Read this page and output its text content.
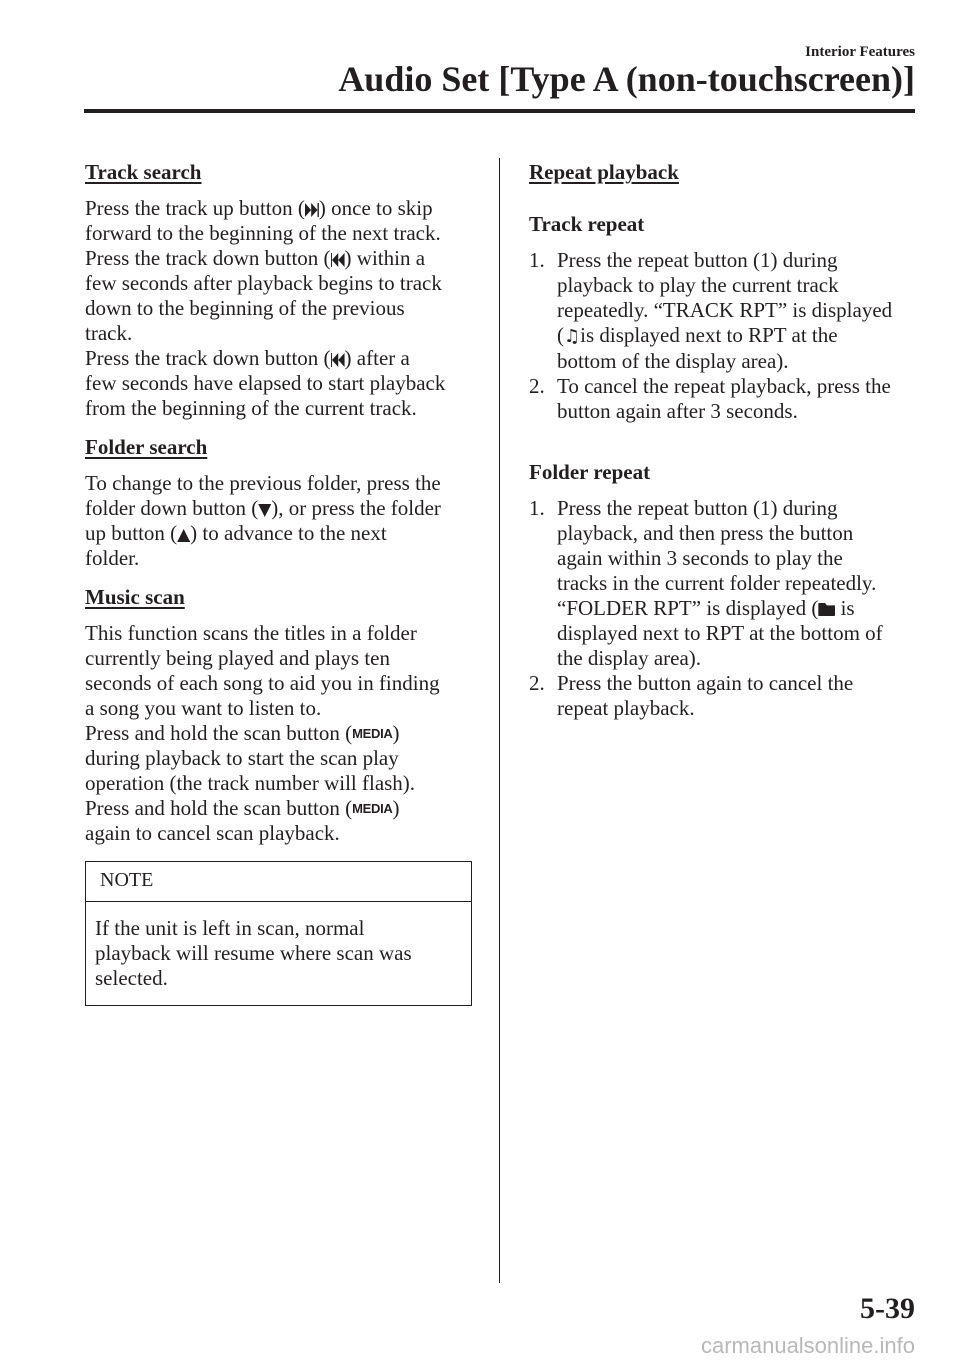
Interior Features
Audio Set [Type A (non-touchscreen)]
Track search
Press the track up button ( ) once to skip
forward to the beginning of the next track.
Press the track down button ( ) within a
few seconds after playback begins to track
down to the beginning of the previous
track.
Press the track down button ( ) after a
few seconds have elapsed to start playback
from the beginning of the current track.
Folder search
To change to the previous folder, press the
folder down button ( ), or press the folder
up button ( ) to advance to the next
folder.
Music scan
This function scans the titles in a folder
currently being played and plays ten
seconds of each song to aid you in finding
a song you want to listen to.
Press and hold the scan button (MEDIA)
during playback to start the scan play
operation (the track number will flash).
Press and hold the scan button (MEDIA)
again to cancel scan playback.
NOTE
If the unit is left in scan, normal
playback will resume where scan was
selected.
Repeat playback
Track repeat
1. Press the repeat button (1) during
playback to play the current track
repeatedly. “TRACK RPT” is displayed
(♫is displayed next to RPT at the
bottom of the display area).
2. To cancel the repeat playback, press the
button again after 3 seconds.
Folder repeat
1. Press the repeat button (1) during
playback, and then press the button
again within 3 seconds to play the
tracks in the current folder repeatedly.
“FOLDER RPT” is displayed ( is
displayed next to RPT at the bottom of
the display area).
2. Press the button again to cancel the
repeat playback.
5-39
carmanualsonline.info
